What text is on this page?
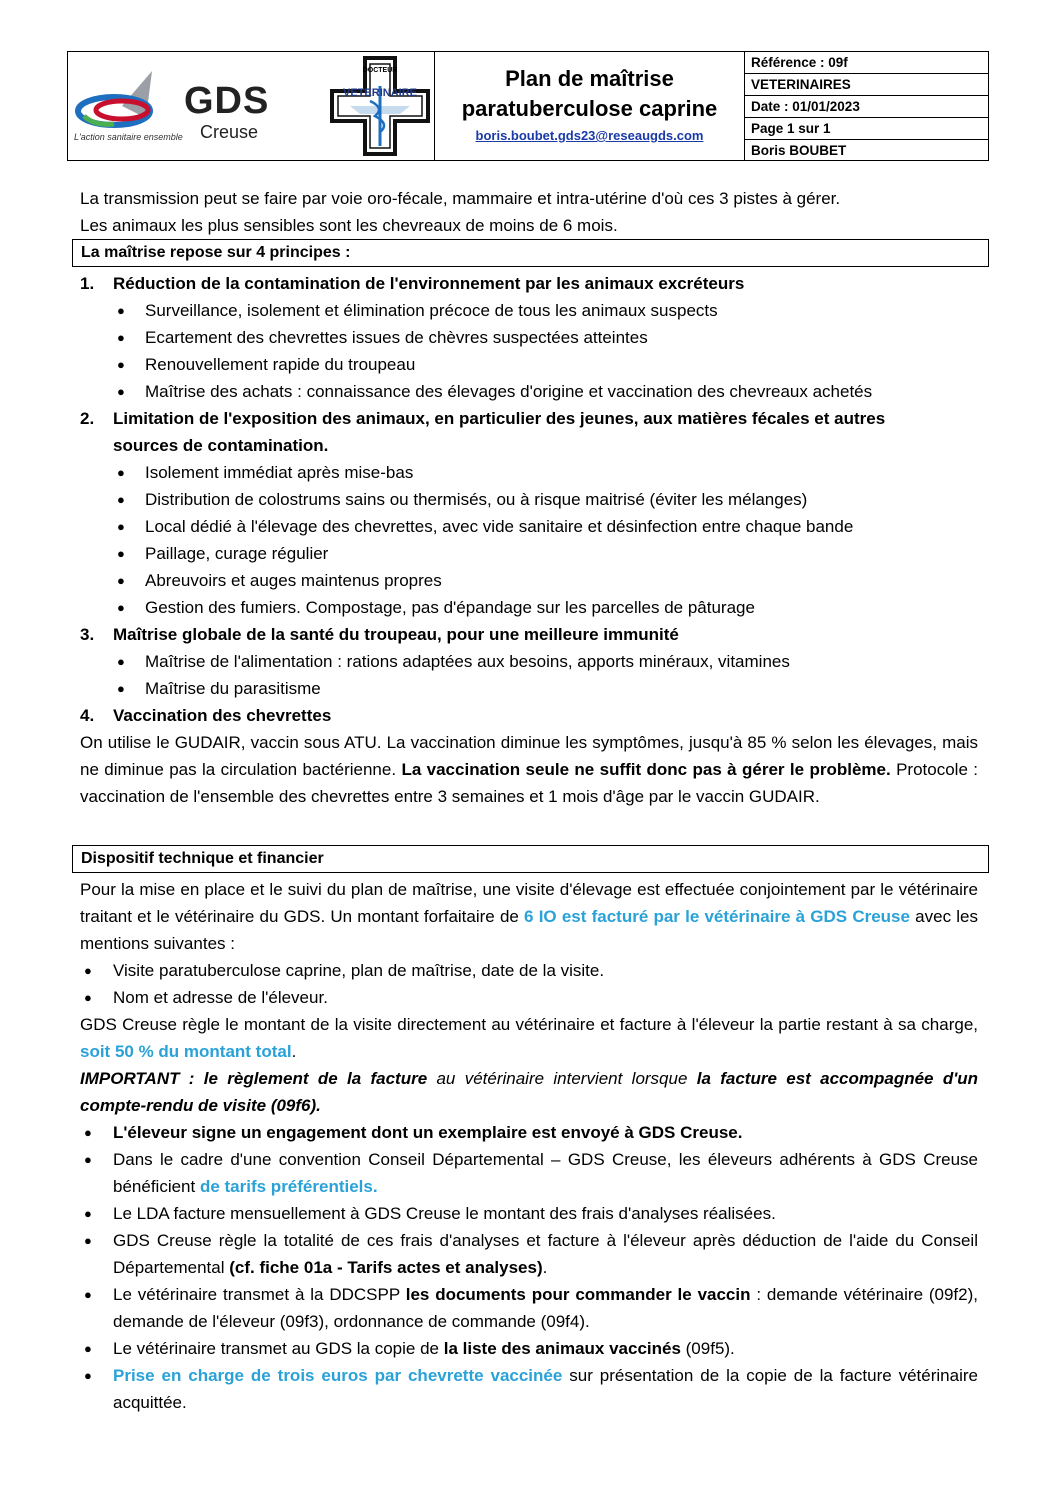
GDS
Creuse
L'action sanitaire ensemble
DOCTEUR
VETERINAIRE
Plan de maîtrise
paratuberculose caprine
boris.boubet.gds23@reseaugds.com
Référence : 09f
VETERINAIRES
Date : 01/01/2023
Page 1 sur 1
Boris BOUBET
La transmission peut se faire par voie oro-fécale, mammaire et intra-utérine d'où ces 3 pistes à gérer.
Les animaux les plus sensibles sont les chevreaux de moins de 6 mois.
La maîtrise repose sur 4 principes :
1. Réduction de la contamination de l'environnement par les animaux excréteurs
● Surveillance, isolement et élimination précoce de tous les animaux suspects
● Ecartement des chevrettes issues de chèvres suspectées atteintes
● Renouvellement rapide du troupeau
● Maîtrise des achats : connaissance des élevages d'origine et vaccination des chevreaux achetés
2. Limitation de l'exposition des animaux, en particulier des jeunes, aux matières fécales et autres
sources de contamination.
● Isolement immédiat après mise-bas
● Distribution de colostrums sains ou thermisés, ou à risque maitrisé (éviter les mélanges)
● Local dédié à l'élevage des chevrettes, avec vide sanitaire et désinfection entre chaque bande
● Paillage, curage régulier
● Abreuvoirs et auges maintenus propres
● Gestion des fumiers. Compostage, pas d'épandage sur les parcelles de pâturage
3. Maîtrise globale de la santé du troupeau, pour une meilleure immunité
● Maîtrise de l'alimentation : rations adaptées aux besoins, apports minéraux, vitamines
● Maîtrise du parasitisme
4. Vaccination des chevrettes
On utilise le GUDAIR, vaccin sous ATU. La vaccination diminue les symptômes, jusqu'à 85 % selon les élevages, mais ne diminue pas la circulation bactérienne. La vaccination seule ne suffit donc pas à gérer le problème. Protocole : vaccination de l'ensemble des chevrettes entre 3 semaines et 1 mois d'âge par le vaccin GUDAIR.
Dispositif technique et financier
Pour la mise en place et le suivi du plan de maîtrise, une visite d'élevage est effectuée conjointement par le vétérinaire traitant et le vétérinaire du GDS. Un montant forfaitaire de 6 IO est facturé par le vétérinaire à GDS Creuse avec les mentions suivantes :
● Visite paratuberculose caprine, plan de maîtrise, date de la visite.
● Nom et adresse de l'éleveur.
GDS Creuse règle le montant de la visite directement au vétérinaire et facture à l'éleveur la partie restant à sa charge, soit 50 % du montant total.
IMPORTANT : le règlement de la facture au vétérinaire intervient lorsque la facture est accompagnée d'un compte-rendu de visite (09f6).
● L'éleveur signe un engagement dont un exemplaire est envoyé à GDS Creuse.
● Dans le cadre d'une convention Conseil Départemental – GDS Creuse, les éleveurs adhérents à GDS Creuse bénéficient de tarifs préférentiels.
● Le LDA facture mensuellement à GDS Creuse le montant des frais d'analyses réalisées.
● GDS Creuse règle la totalité de ces frais d'analyses et facture à l'éleveur après déduction de l'aide du Conseil Départemental (cf. fiche 01a - Tarifs actes et analyses).
● Le vétérinaire transmet à la DDCSPP les documents pour commander le vaccin : demande vétérinaire (09f2), demande de l'éleveur (09f3), ordonnance de commande (09f4).
● Le vétérinaire transmet au GDS la copie de la liste des animaux vaccinés (09f5).
● Prise en charge de trois euros par chevrette vaccinée sur présentation de la copie de la facture vétérinaire acquittée.
